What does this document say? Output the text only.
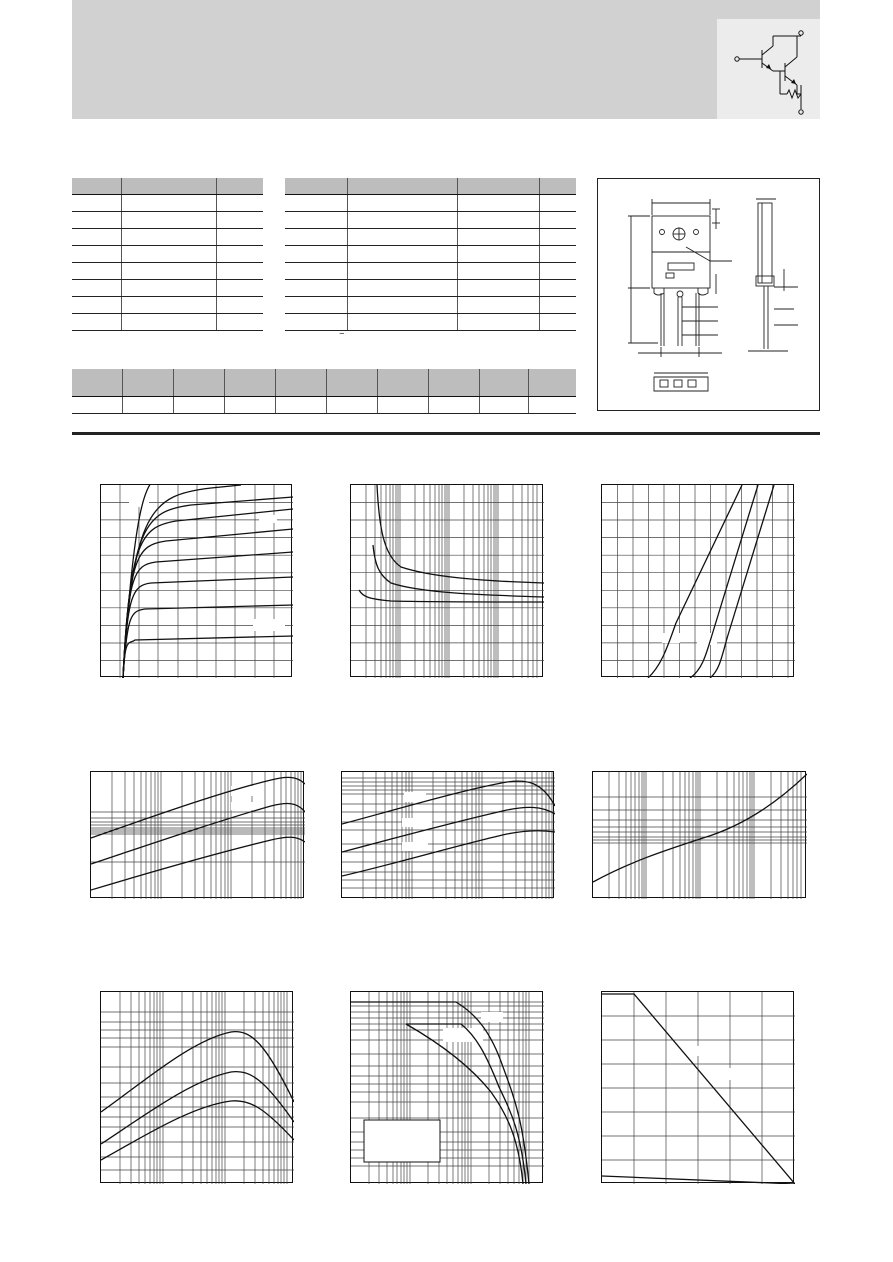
‾
